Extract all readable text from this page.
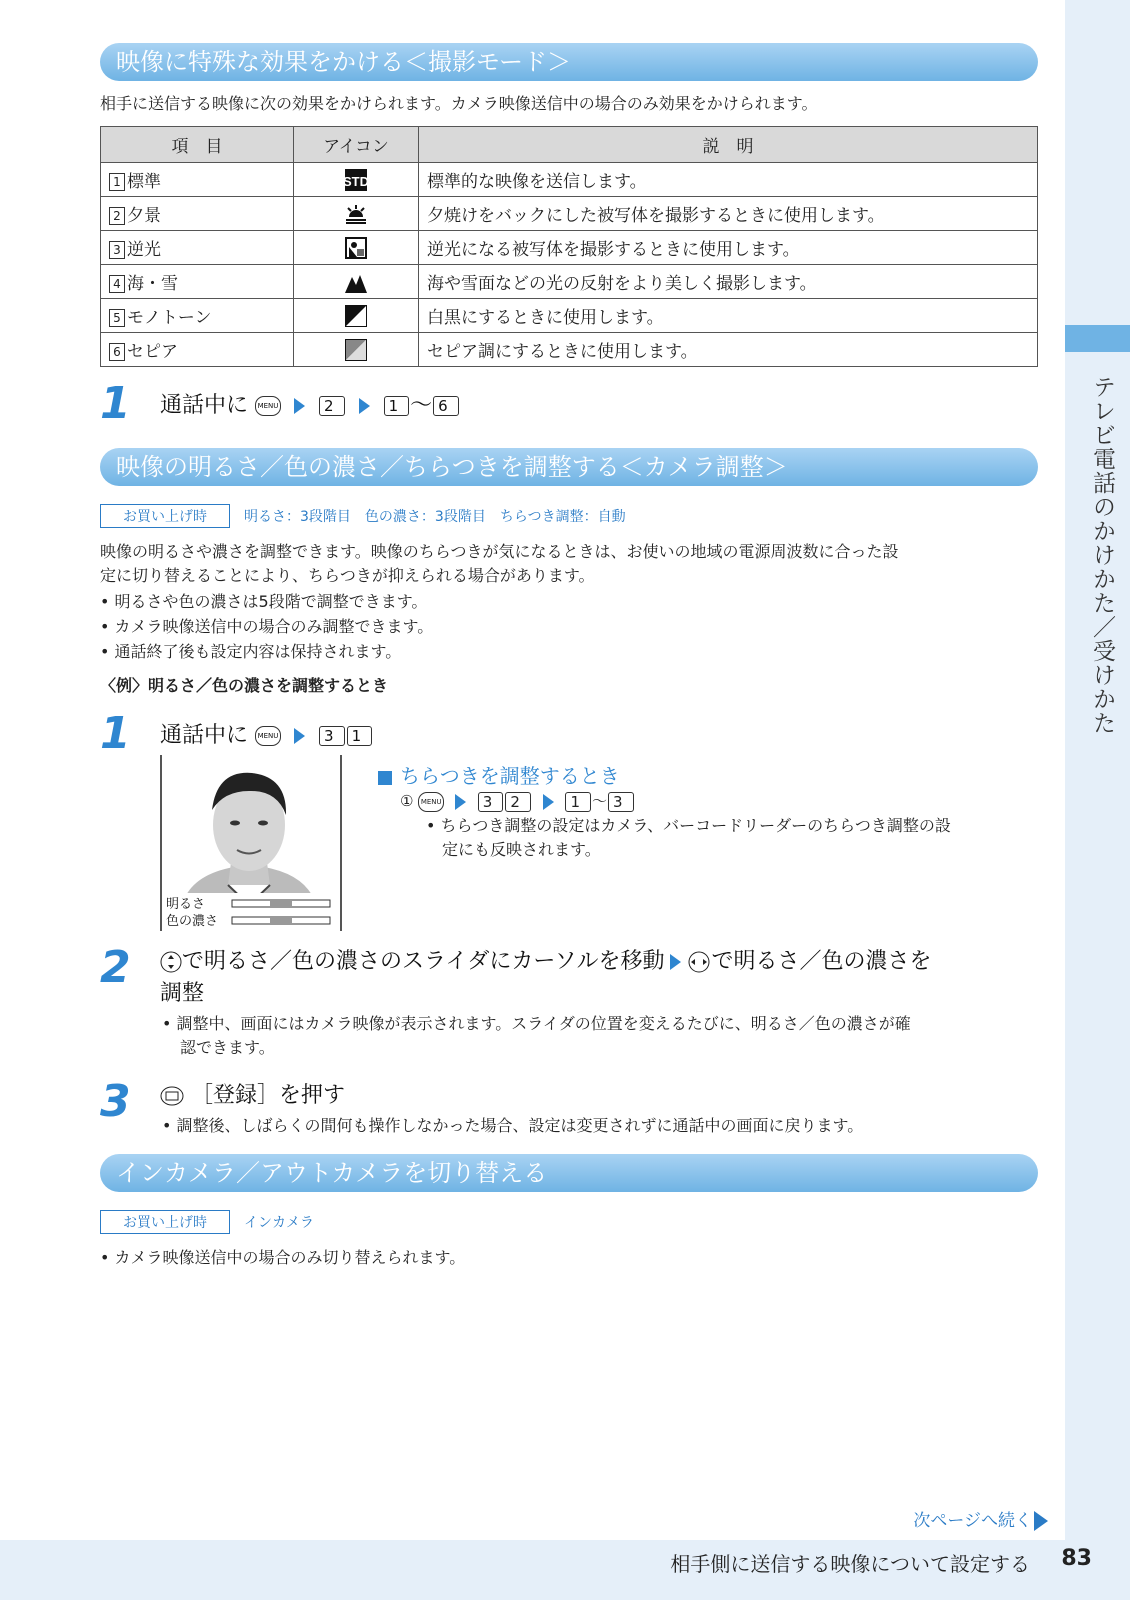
テレビ電話のかけかた／受けかた
映像に特殊な効果をかける＜撮影モード＞
相手に送信する映像に次の効果をかけられます。カメラ映像送信中の場合のみ効果をかけられます。
項　目	アイコン	説　明
1 標準	STD	標準的な映像を送信します。
2 夕景		夕焼けをバックにした被写体を撮影するときに使用します。
3 逆光		逆光になる被写体を撮影するときに使用します。
4 海・雪		海や雪面などの光の反射をより美しく撮影します。
5 モノトーン		白黒にするときに使用します。
6 セピア		セピア調にするときに使用します。
1 通話中に MENU	2	1 ～ 6
映像の明るさ／色の濃さ／ちらつきを調整する＜カメラ調整＞
お買い上げ時	明るさ：3段階目　色の濃さ：3段階目　ちらつき調整：自動
映像の明るさや濃さを調整できます。映像のちらつきが気になるときは、お使いの地域の電源周波数に合った設
定に切り替えることにより、ちらつきが抑えられる場合があります。
• 明るさや色の濃さは5段階で調整できます。
• カメラ映像送信中の場合のみ調整できます。
• 通話終了後も設定内容は保持されます。
〈例〉明るさ／色の濃さを調整するとき
1 通話中に MENU	3 1
明るさ
色の濃さ
ちらつきを調整するとき
① MENU	3 2	1 ～ 3
• ちらつき調整の設定はカメラ、バーコードリーダーのちらつき調整の設
定にも反映されます。
2	で明るさ／色の濃さのスライダにカーソルを移動 で明るさ／色の濃さを
調整
• 調整中、画面にはカメラ映像が表示されます。スライダの位置を変えるたびに、明るさ／色の濃さが確
認できます。
3	［登録］を押す
• 調整後、しばらくの間何も操作しなかった場合、設定は変更されずに通話中の画面に戻ります。
インカメラ／アウトカメラを切り替える
お買い上げ時	インカメラ
• カメラ映像送信中の場合のみ切り替えられます。
次ページへ続く
相手側に送信する映像について設定する 83
